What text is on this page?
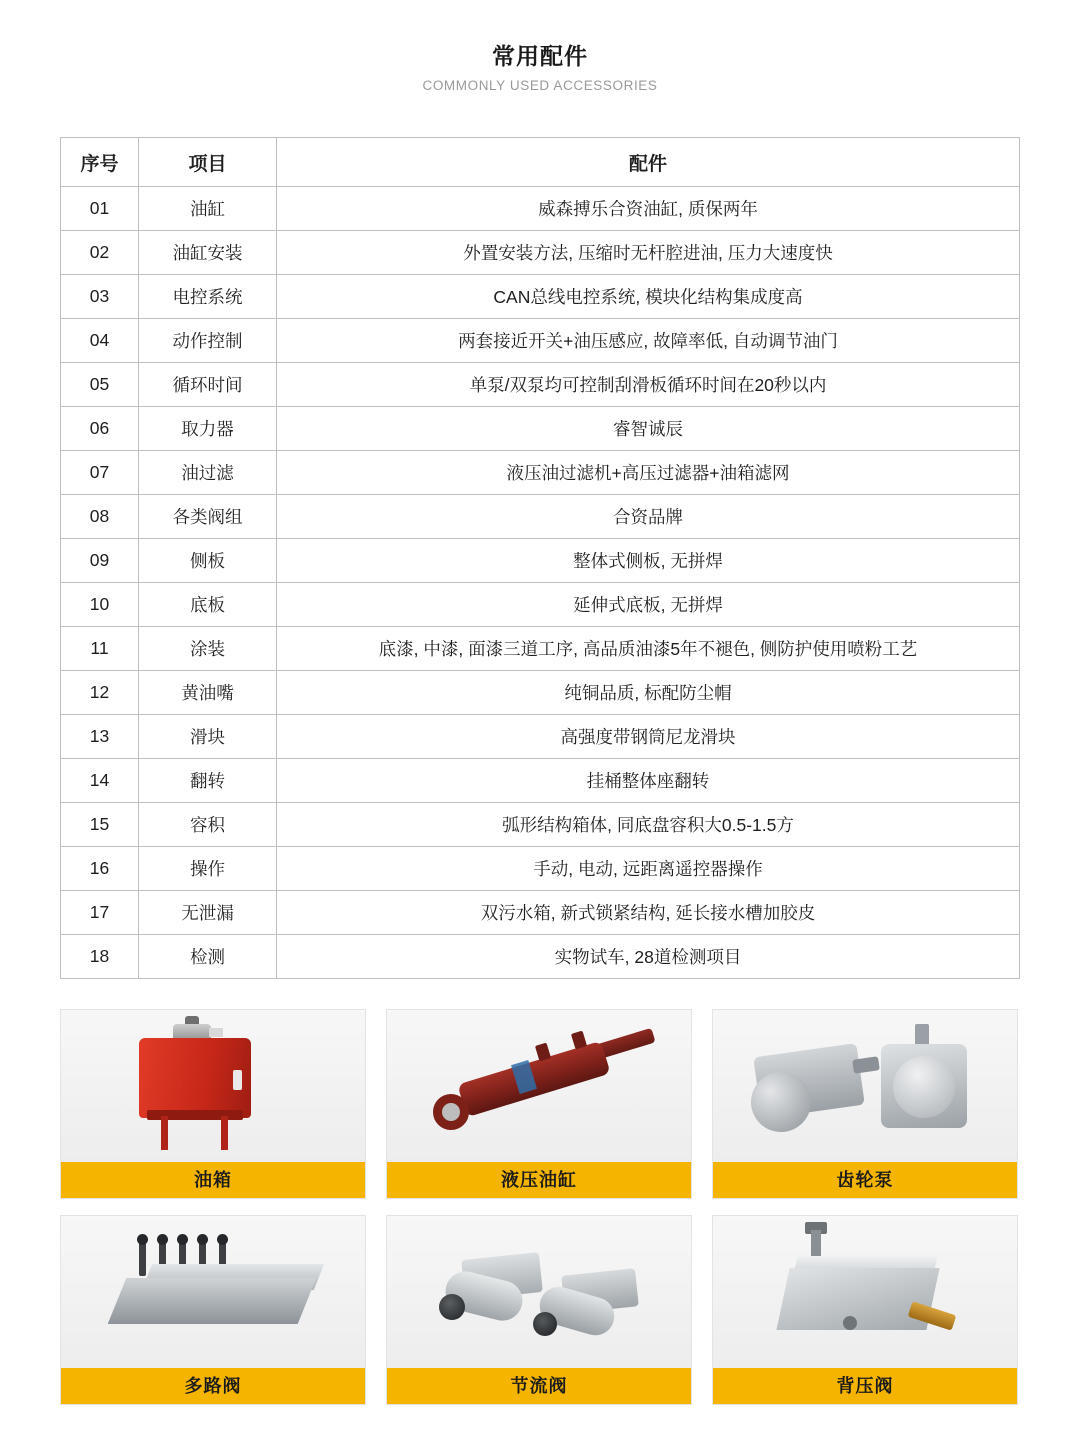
常用配件
COMMONLY USED ACCESSORIES
序号	项目	配件
01	油缸	威森搏乐合资油缸, 质保两年
02	油缸安装	外置安装方法, 压缩时无杆腔进油, 压力大速度快
03	电控系统	CAN总线电控系统, 模块化结构集成度高
04	动作控制	两套接近开关+油压感应, 故障率低, 自动调节油门
05	循环时间	单泵/双泵均可控制刮滑板循环时间在20秒以内
06	取力器	睿智诚辰
07	油过滤	液压油过滤机+高压过滤器+油箱滤网
08	各类阀组	合资品牌
09	侧板	整体式侧板, 无拼焊
10	底板	延伸式底板, 无拼焊
11	涂装	底漆, 中漆, 面漆三道工序, 高品质油漆5年不褪色, 侧防护使用喷粉工艺
12	黄油嘴	纯铜品质, 标配防尘帽
13	滑块	高强度带钢筒尼龙滑块
14	翻转	挂桶整体座翻转
15	容积	弧形结构箱体, 同底盘容积大0.5-1.5方
16	操作	手动, 电动, 远距离遥控器操作
17	无泄漏	双污水箱, 新式锁紧结构, 延长接水槽加胶皮
18	检测	实物试车, 28道检测项目
油箱	液压油缸	齿轮泵
多路阀	节流阀	背压阀
